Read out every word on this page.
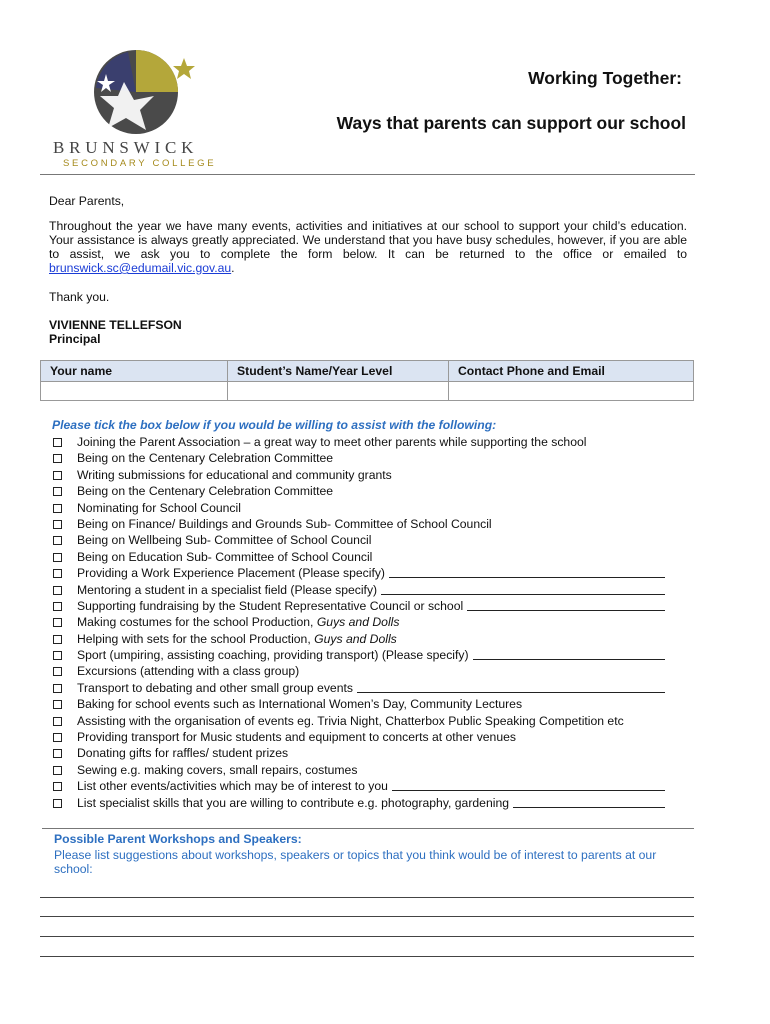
BRUNSWICK
SECONDARY COLLEGE
Working Together:
Ways that parents can support our school
Dear Parents,
Throughout the year we have many events, activities and initiatives at our school to support your child’s education. Your assistance is always greatly appreciated. We understand that you have busy schedules, however, if you are able to assist, we ask you to complete the form below. It can be returned to the office or emailed to brunswick.sc@edumail.vic.gov.au.
Thank you.
VIVIENNE TELLEFSON
Principal
Your name	Student’s Name/Year Level	Contact Phone and Email

Please tick the box below if you would be willing to assist with the following:
Joining the Parent Association – a great way to meet other parents while supporting the school
Being on the Centenary Celebration Committee
Writing submissions for educational and community grants
Being on the Centenary Celebration Committee
Nominating for School Council
Being on Finance/ Buildings and Grounds Sub- Committee of School Council
Being on Wellbeing Sub- Committee of School Council
Being on Education Sub- Committee of School Council
Providing a Work Experience Placement (Please specify)
Mentoring a student in a specialist field (Please specify)
Supporting fundraising by the Student Representative Council or school
Making costumes for the school Production, Guys and Dolls
Helping with sets for the school Production, Guys and Dolls
Sport (umpiring, assisting coaching, providing transport) (Please specify)
Excursions (attending with a class group)
Transport to debating and other small group events
Baking for school events such as International Women’s Day, Community Lectures
Assisting with the organisation of events eg. Trivia Night, Chatterbox Public Speaking Competition etc
Providing transport for Music students and equipment to concerts at other venues
Donating gifts for raffles/ student prizes
Sewing e.g. making covers, small repairs, costumes
List other events/activities which may be of interest to you
List specialist skills that you are willing to contribute e.g. photography, gardening
Possible Parent Workshops and Speakers:
Please list suggestions about workshops, speakers or topics that you think would be of interest to parents at our school:
